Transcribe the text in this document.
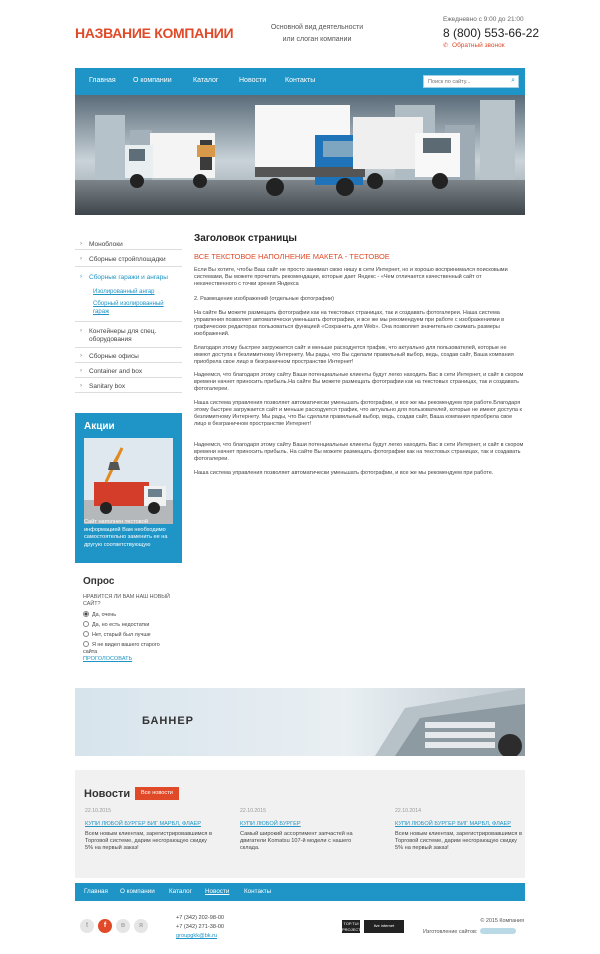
НАЗВАНИЕ КОМПАНИИ	Основной вид деятельности
или слоган компании
Ежедневно с 9:00 до 21:00
8 (800) 553-66-22
✆ Обратный звонок
Главная О компании	Каталог	Новости	Контакты
Поиск по сайту...	⌕
› Моноблоки
› Сборные стройплощадки
› Сборные гаражи и ангары
Изолированный ангар
Сборный изолированный гараж
› Контейнеры для спец. оборудования
› Сборные офисы
› Container and box
› Sanitary box
Акции
Сайт наполнен тестовой информацией Вам необходимо самостоятельно заменить ее на другую соответствующую
Опрос
НРАВИТСЯ ЛИ ВАМ НАШ НОВЫЙ САЙТ?
Да, очень
Да, но есть недостатки
Нет, старый был лучше
Я не видел вашего старого сайта
ПРОГОЛОСОВАТЬ
Заголовок страницы
ВСЕ ТЕКСТОВОЕ НАПОЛНЕНИЕ МАКЕТА - ТЕСТОВОЕ
Если Вы хотите, чтобы Ваш сайт не просто занимал свою нишу в сети Интернет, но и хорошо воспринимался поисковыми системами, Вы можете прочитать рекомендации, которые дает Яндекс - «Чем отличается качественный сайт от некачественного с точки зрения Яндекса
2. Размещение изображений (отдельные фотографии)
На сайте Вы можете размещать фотографии как на текстовых страницах, так и создавать фотогалереи. Наша система управления позволяет автоматически уменьшать фотографии, и все же мы рекомендуем при работе с изображениями в графических редакторах пользоваться функцией «Сохранить для Web». Она позволяет значительно сжимать размеры изображений.
Благодаря этому быстрее загружается сайт и меньше расходуется трафик, что актуально для пользователей, которые не имеют доступа к безлимитному Интернету. Мы рады, что Вы сделали правильный выбор, ведь, создав сайт, Ваша компания приобрела свое лицо в безграничном пространстве Интернет!
Надеемся, что благодаря этому сайту Ваши потенциальные клиенты будут легко находить Вас в сети Интернет, и сайт в скором времени начнет приносить прибыль.На сайте Вы можете размещать фотографии как на текстовых страницах, так и создавать фотогалереи.
Наша система управления позволяет автоматически уменьшать фотографии, и все же мы рекомендуем при работе.Благодаря этому быстрее загружается сайт и меньше расходуется трафик, что актуально для пользователей, которые не имеют доступа к безлимитному Интернету. Мы рады, что Вы сделали правильный выбор, ведь, создав сайт, Ваша компания приобрела свое лицо в безграничном пространстве Интернет!
Надеемся, что благодаря этому сайту Ваши потенциальные клиенты будут легко находить Вас в сети Интернет, и сайт в скором времени начнет приносить прибыль. На сайте Вы можете размещать фотографии как на текстовых страницах, так и создавать фотогалереи.
Наша система управления позволяет автоматически уменьшать фотографии, и все же мы рекомендуем при работе.
БАННЕР
Новости	Все новости
22.10.2015
КУПИ ЛЮБОЙ БУРГЕР БИГ МАРБЛ, ФЛАЕР
Всем новым клиентам, зарегистрировавшимся в Торговой системе, дарим несгорающую скидку 5% на первый заказ!
22.10.2015
КУПИ ЛЮБОЙ БУРГЕР
Самый широкий ассортимент запчастей на двигатели Komatsu 107-й модели с нашего склада.
22.10.2014
КУПИ ЛЮБОЙ БУРГЕР БИГ МАРБЛ, ФЛАЕР
Всем новым клиентам, зарегистрировавшимся в Торговой системе, дарим несгорающую скидку 5% на первый заказ!
Главная О компании Каталог Новости Контакты
t	f	в	я
+7 (342) 202-98-00
+7 (342) 271-38-00
groupgkk@bk.ru
TOP.TUI PROJECT
live internet
© 2015 Компания
Изготовление сайтов:
